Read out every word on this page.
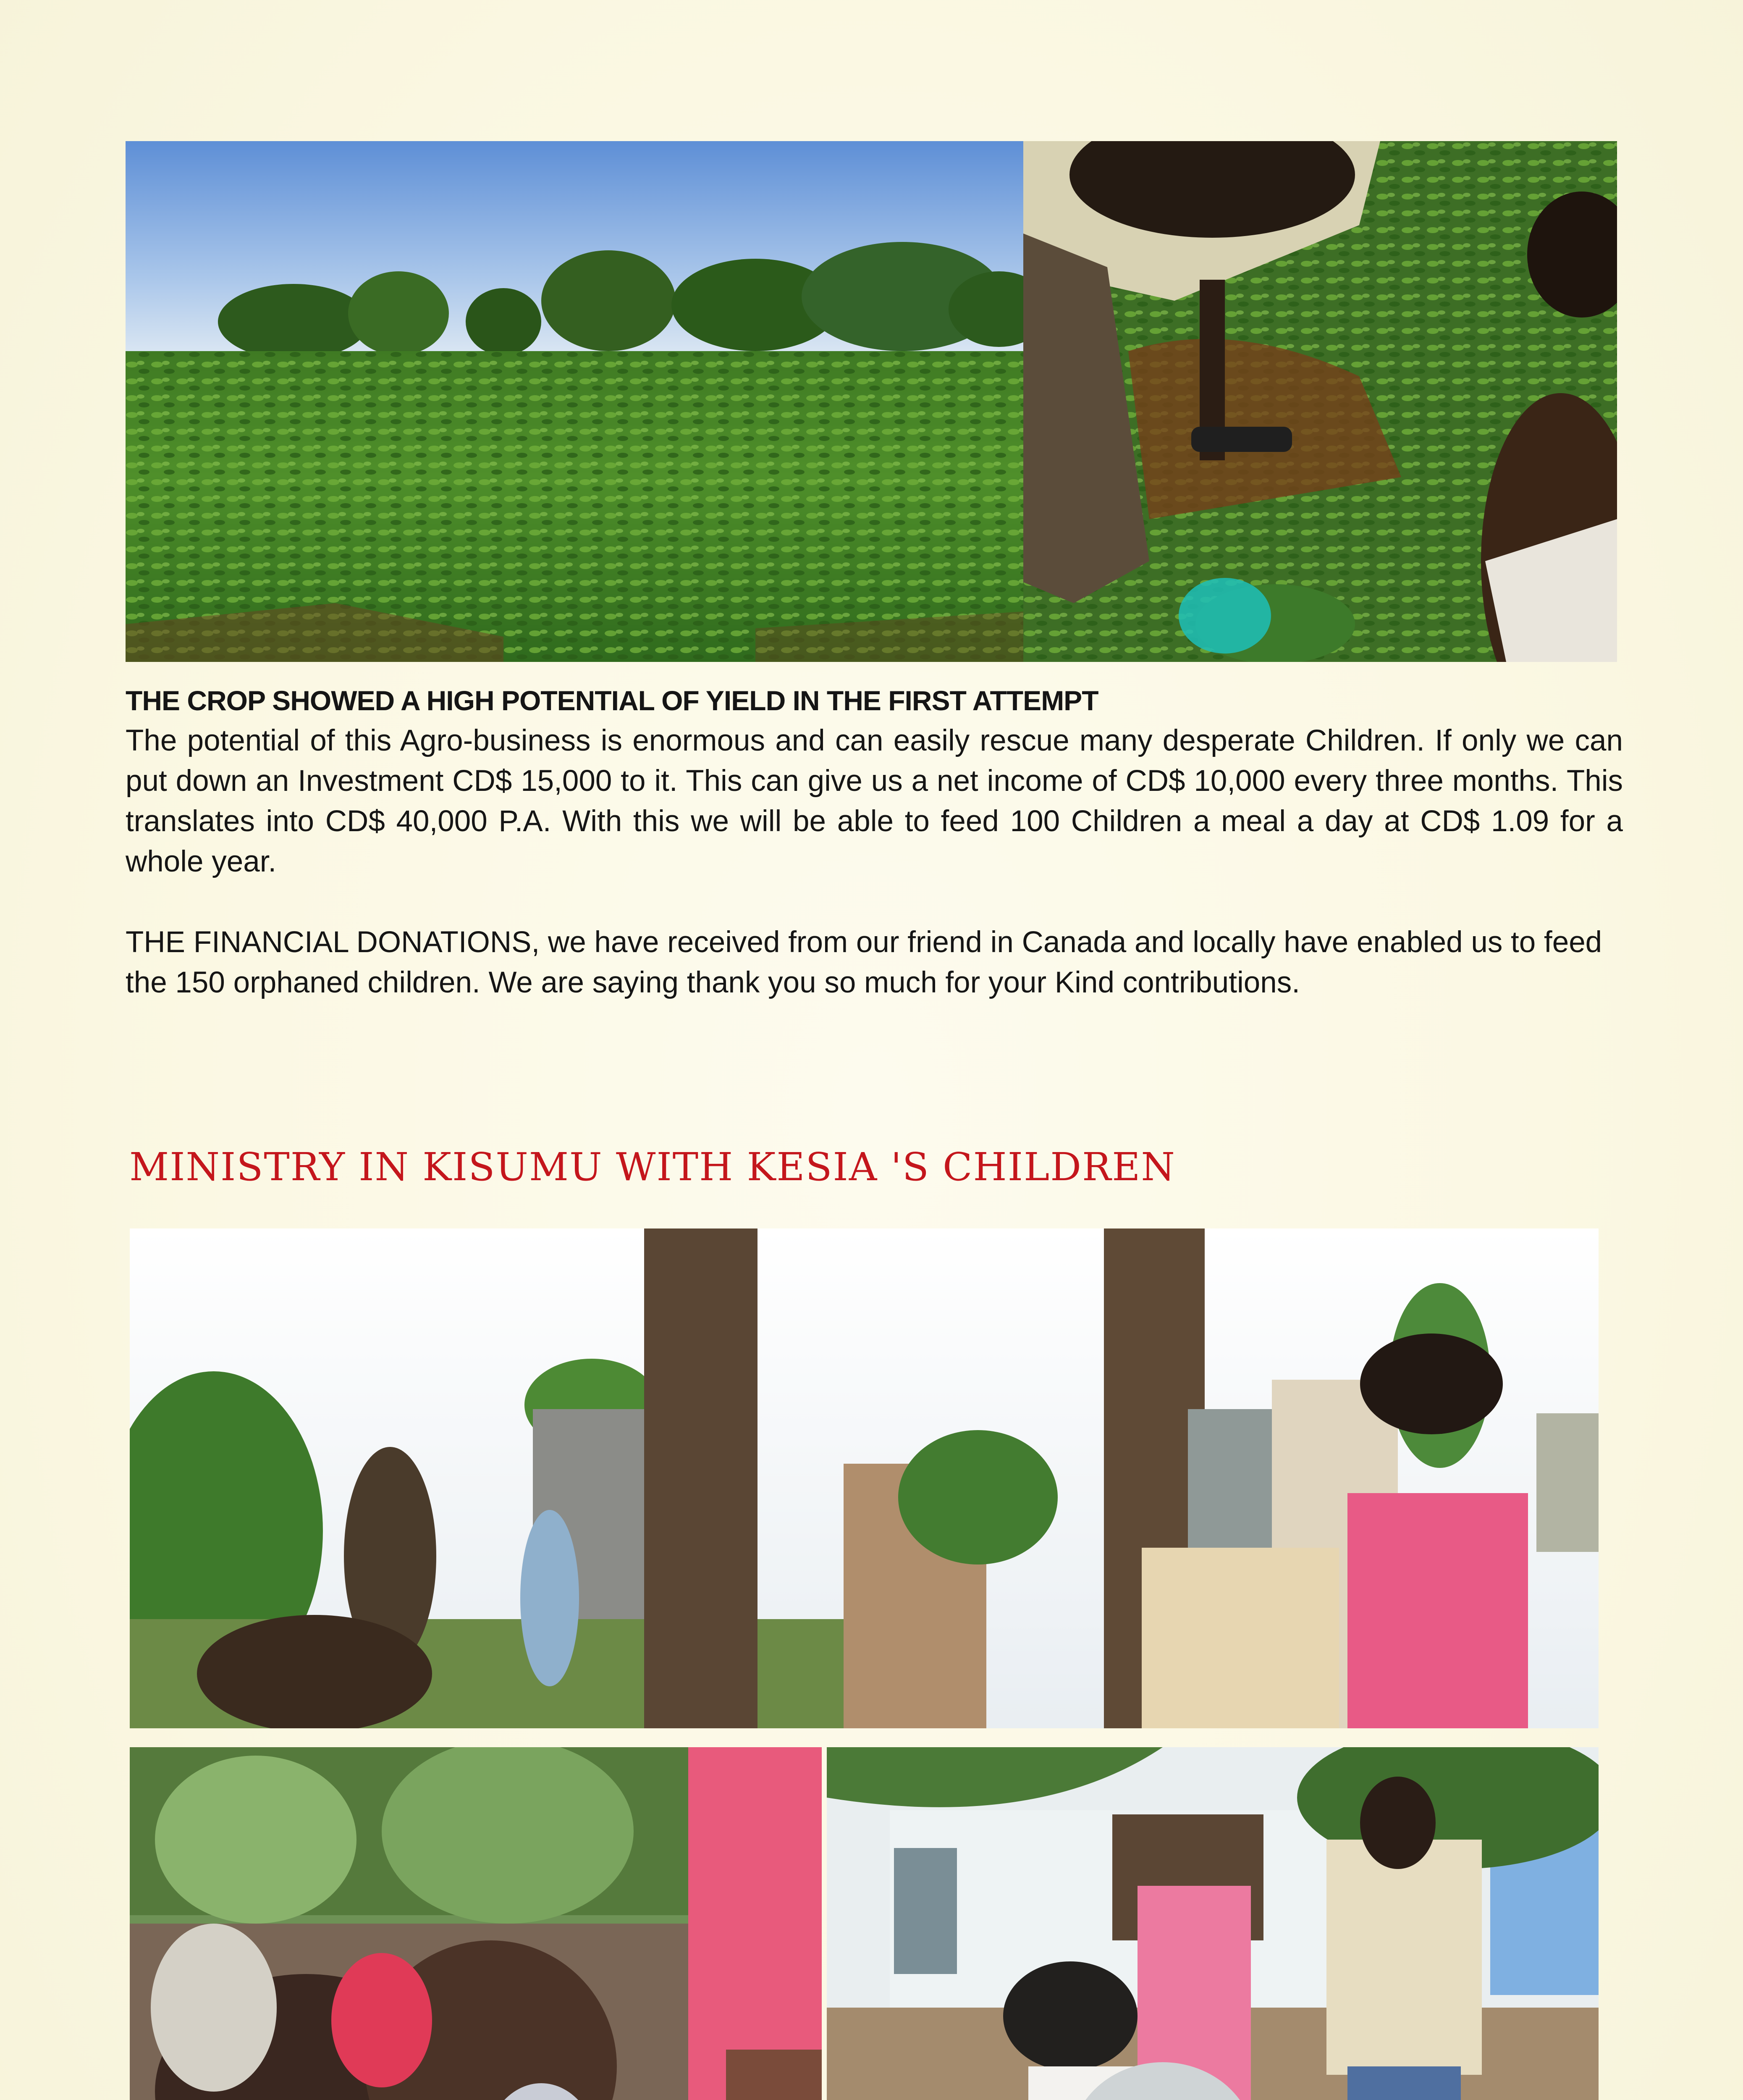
THE CROP SHOWED A HIGH POTENTIAL OF YIELD IN THE FIRST ATTEMPT

The potential of this Agro-business is enormous and can easily rescue many desperate Children. If only we can put down an Investment CD$ 15,000 to it. This can give us a net income of CD$ 10,000 every three months. This translates into CD$ 40,000 P.A. With this we will be able to feed 100 Children a meal a day at CD$ 1.09 for a whole year.

THE FINANCIAL DONATIONS, we have received from our friend in Canada and locally have enabled us to feed the 150 orphaned children. We are saying thank you so much for your Kind contributions.

MINISTRY IN KISUMU WITH KESIA 'S CHILDREN
